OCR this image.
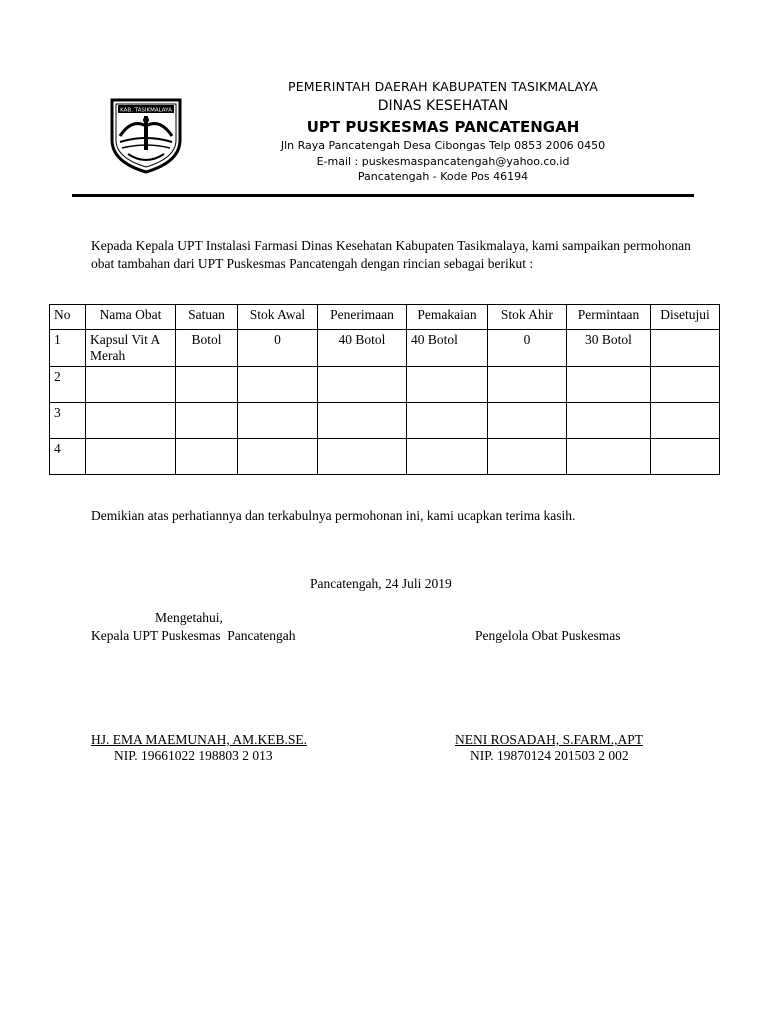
KAB. TASIKMALAYA
PEMERINTAH DAERAH KABUPATEN TASIKMALAYA
DINAS KESEHATAN
UPT PUSKESMAS PANCATENGAH
Jln Raya Pancatengah Desa Cibongas Telp 0853 2006 0450
E-mail : puskesmaspancatengah@yahoo.co.id
Pancatengah - Kode Pos 46194
Kepada Kepala UPT Instalasi Farmasi Dinas Kesehatan Kabupaten Tasikmalaya, kami sampaikan permohonan obat tambahan dari UPT Puskesmas Pancatengah dengan rincian sebagai berikut :
No	Nama Obat	Satuan	Stok Awal	Penerimaan	Pemakaian	Stok Ahir	Permintaan	Disetujui
1	Kapsul Vit A Merah	Botol	0	40 Botol	40 Botol	0	30 Botol	
2								
3								
4								
Demikian atas perhatiannya dan terkabulnya permohonan ini, kami ucapkan terima kasih.
Pancatengah, 24 Juli 2019
Mengetahui,
Kepala UPT Puskesmas  Pancatengah	Pengelola Obat Puskesmas
HJ. EMA MAEMUNAH, AM.KEB.SE.
NIP. 19661022 198803 2 013
NENI ROSADAH, S.FARM.,APT
NIP. 19870124 201503 2 002
